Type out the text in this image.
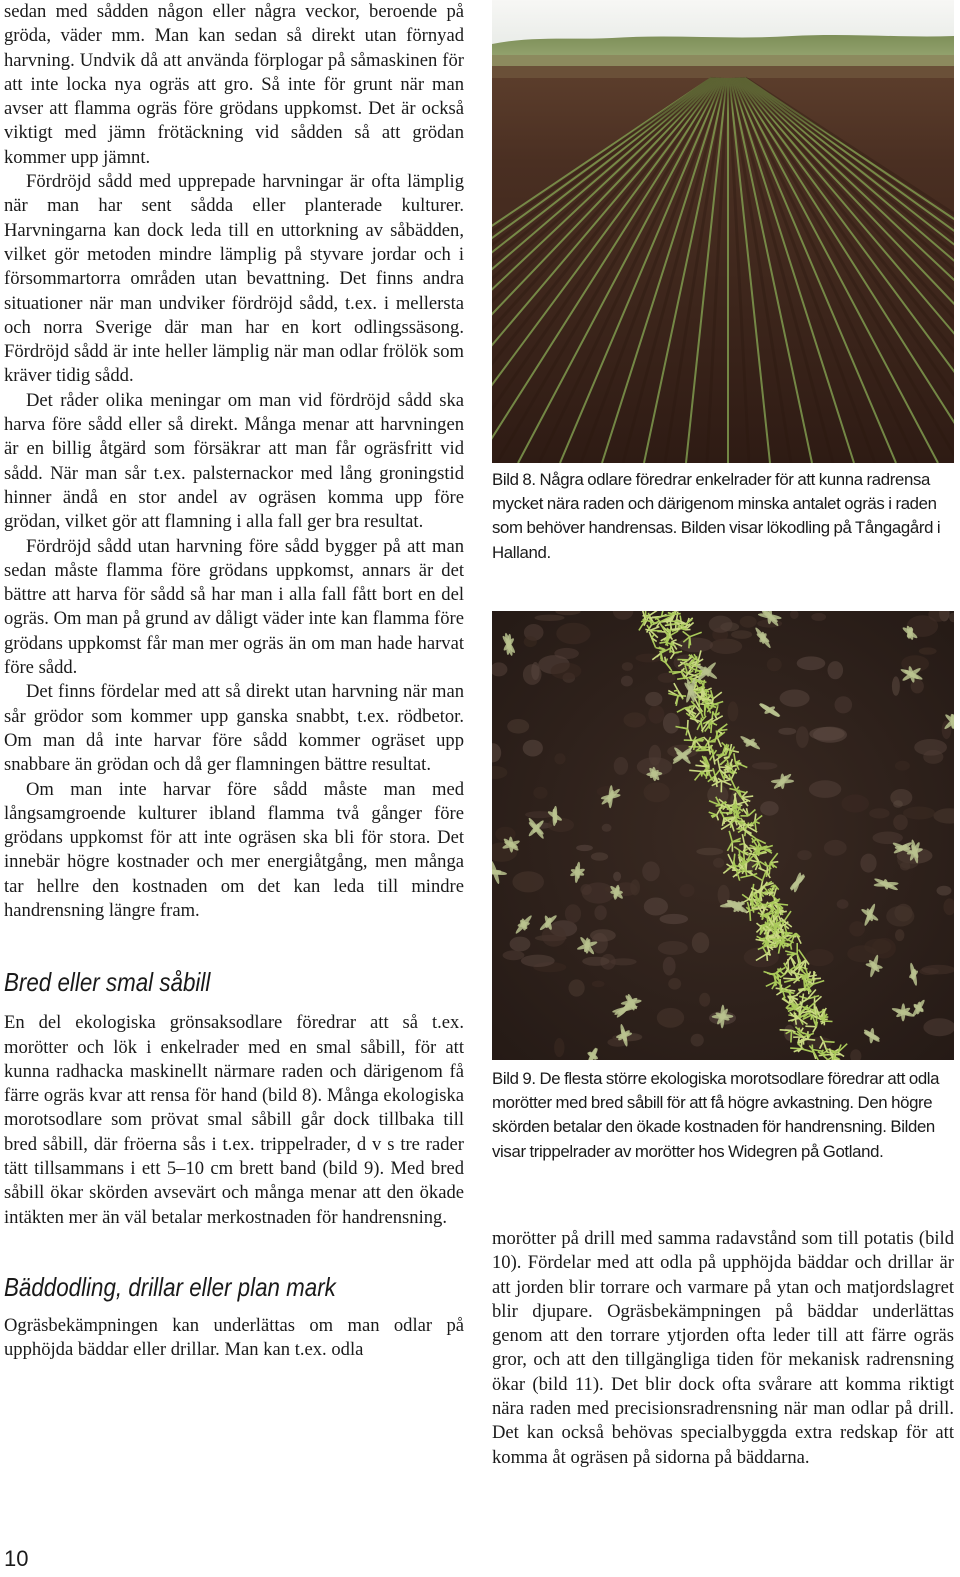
sedan med sådden någon eller några veckor, beroende på gröda, väder mm. Man kan sedan så direkt utan förnyad harvning. Undvik då att använda förplogar på såmaskinen för att inte locka nya ogräs att gro. Så inte för grunt när man avser att flamma ogräs före grödans uppkomst. Det är också viktigt med jämn frötäckning vid sådden så att grödan kommer upp jämnt.

Fördröjd sådd med upprepade harvningar är ofta lämplig när man har sent sådda eller planterade kulturer. Harvningarna kan dock leda till en uttorkning av såbädden, vilket gör metoden mindre lämplig på styvare jordar och i försommartorra områden utan bevattning. Det finns andra situationer när man undviker fördröjd sådd, t.ex. i mellersta och norra Sverige där man har en kort odlingssäsong. Fördröjd sådd är inte heller lämplig när man odlar frölök som kräver tidig sådd.

Det råder olika meningar om man vid fördröjd sådd ska harva före sådd eller så direkt. Många menar att harvningen är en billig åtgärd som försäkrar att man får ogräsfritt vid sådd. När man sår t.ex. palsternackor med lång groningstid hinner ändå en stor andel av ogräsen komma upp före grödan, vilket gör att flamning i alla fall ger bra resultat.

Fördröjd sådd utan harvning före sådd bygger på att man sedan måste flamma före grödans uppkomst, annars är det bättre att harva för sådd så har man i alla fall fått bort en del ogräs. Om man på grund av dåligt väder inte kan flamma före grödans uppkomst får man mer ogräs än om man hade harvat före sådd.

Det finns fördelar med att så direkt utan harvning när man sår grödor som kommer upp ganska snabbt, t.ex. rödbetor. Om man då inte harvar före sådd kommer ogräset upp snabbare än grödan och då ger flamningen bättre resultat.

Om man inte harvar före sådd måste man med långsamgroende kulturer ibland flamma två gånger före grödans uppkomst för att inte ogräsen ska bli för stora. Det innebär högre kostnader och mer energiåtgång, men många tar hellre den kostnaden om det kan leda till mindre handrensning längre fram.

Bred eller smal såbill

En del ekologiska grönsaksodlare föredrar att så t.ex. morötter och lök i enkelrader med en smal såbill, för att kunna radhacka maskinellt närmare raden och därigenom få färre ogräs kvar att rensa för hand (bild 8). Många ekologiska morotsodlare som prövat smal såbill går dock tillbaka till bred såbill, där fröerna sås i t.ex. trippelrader, d v s tre rader tätt tillsammans i ett 5–10 cm brett band (bild 9). Med bred såbill ökar skörden avsevärt och många menar att den ökade intäkten mer än väl betalar merkostnaden för handrensning.

Bäddodling, drillar eller plan mark

Ogräsbekämpningen kan underlättas om man odlar på upphöjda bäddar eller drillar. Man kan t.ex. odla

Bild 8. Några odlare föredrar enkelrader för att kunna radrensa mycket nära raden och därigenom minska antalet ogräs i raden som behöver handrensas. Bilden visar lökodling på Tångagård i Halland.

Bild 9. De flesta större ekologiska morotsodlare föredrar att odla morötter med bred såbill för att få högre avkastning. Den högre skörden betalar den ökade kostnaden för handrensning. Bilden visar trippelrader av morötter hos Widegren på Gotland.

morötter på drill med samma radavstånd som till potatis (bild 10). Fördelar med att odla på upphöjda bäddar och drillar är att jorden blir torrare och varmare på ytan och matjordslagret blir djupare. Ogräsbekämpningen på bäddar underlättas genom att den torrare ytjorden ofta leder till att färre ogräs gror, och att den tillgängliga tiden för mekanisk radrensning ökar (bild 11). Det blir dock ofta svårare att komma riktigt nära raden med precisionsradrensning när man odlar på drill. Det kan också behövas specialbyggda extra redskap för att komma åt ogräsen på sidorna på bäddarna.

10
